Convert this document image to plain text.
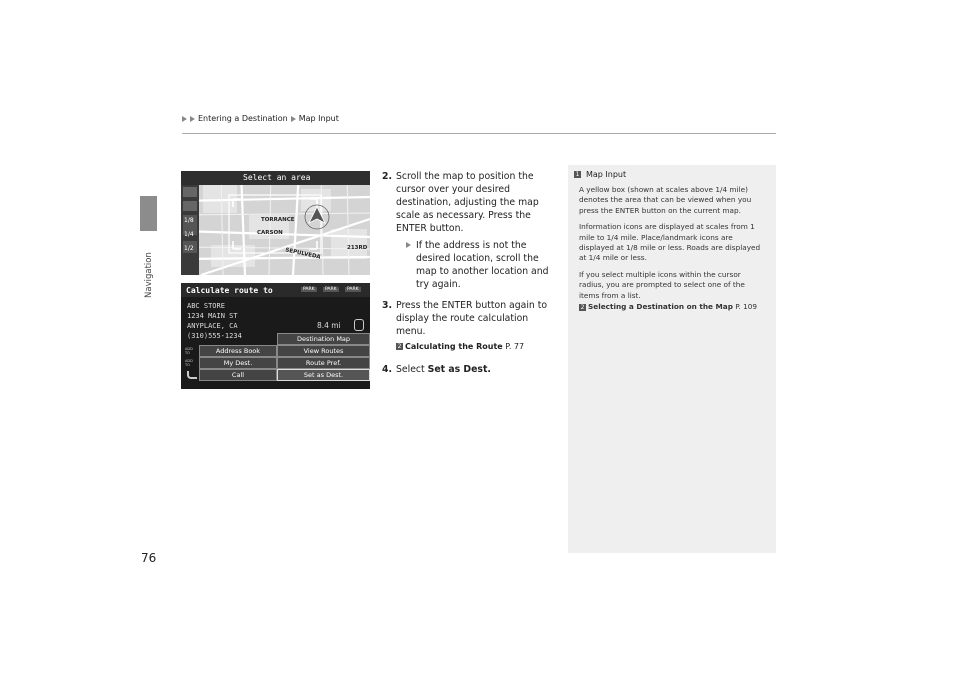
Navigation
Entering a Destination Map Input
Select an area
1/8
1/4
1/2
CARSON
TORRANCE
SEPULVEDA	213RD
Calculate route to	PARK	PARK	PARK
ABC STORE
1234 MAIN ST
ANYPLACE, CA
(310)555-1234
8.4 mi
Destination Map
ADD TO	Address Book	View Routes
ADD TO	My Dest.	Route Pref.
Call	Set as Dest.
2. Scroll the map to position the cursor over your desired destination, adjusting the map scale as necessary. Press the ENTER button.
If the address is not the desired location, scroll the map to another location and try again.
3. Press the ENTER button again to display the route calculation menu.
2 Calculating the Route P. 77
4. Select Set as Dest.
1 Map Input

A yellow box (shown at scales above 1/4 mile) denotes the area that can be viewed when you press the ENTER button on the current map.

Information icons are displayed at scales from 1 mile to 1/4 mile. Place/landmark icons are displayed at 1/8 mile or less. Roads are displayed at 1/4 mile or less.

If you select multiple icons within the cursor radius, you are prompted to select one of the items from a list.

2 Selecting a Destination on the Map P. 109
76
